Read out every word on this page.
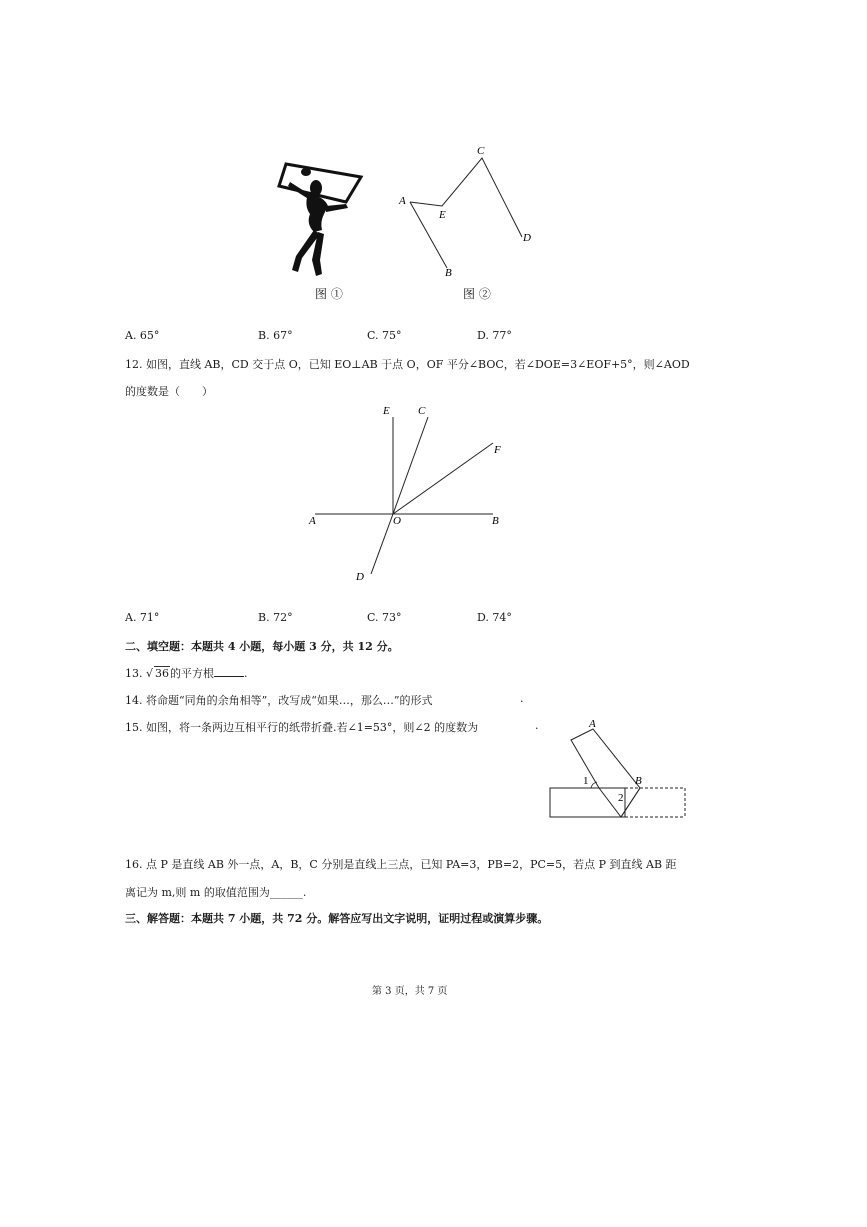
A
E
C
D
B
图 ①	图 ②
A. 65°	B. 67°	C. 75°	D. 77°
12. 如图，直线 AB，CD 交于点 O，已知 EO⊥AB 于点 O，OF 平分∠BOC，若∠DOE=3∠EOF+5°，则∠AOD
的度数是（　　）
E	C
F
A	O	B
D
A. 71°	B. 72°	C. 73°	D. 74°
二、填空题：本题共 4 小题，每小题 3 分，共 12 分。
13. √ 36的平方根	.
14. 将命题“同角的余角相等”，改写成“如果…，那么…”的形式	.
15. 如图，将一条两边互相平行的纸带折叠.若∠1=53°，则∠2 的度数为	.	A
B
1
2
16. 点 P 是直线 AB 外一点，A，B，C 分别是直线上三点，已知 PA=3，PB=2，PC=5，若点 P 到直线 AB 距
离记为 m,则 m 的取值范围为______.
三、解答题：本题共 7 小题，共 72 分。解答应写出文字说明，证明过程或演算步骤。
第 3 页，共 7 页
